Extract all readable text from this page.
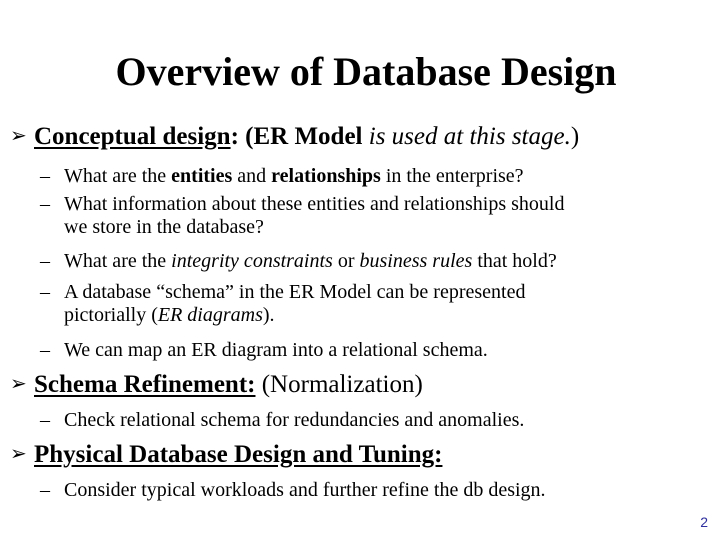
Overview of Database Design
➢ Conceptual design: (ER Model is used at this stage.)
– What are the entities and relationships in the enterprise?
– What information about these entities and relationships should
we store in the database?
– What are the integrity constraints or business rules that hold?
– A database “schema” in the ER Model can be represented
pictorially (ER diagrams).
– We can map an ER diagram into a relational schema.
➢ Schema Refinement: (Normalization)
– Check relational schema for redundancies and anomalies.
➢ Physical Database Design and Tuning:
– Consider typical workloads and further refine the db design.
2
